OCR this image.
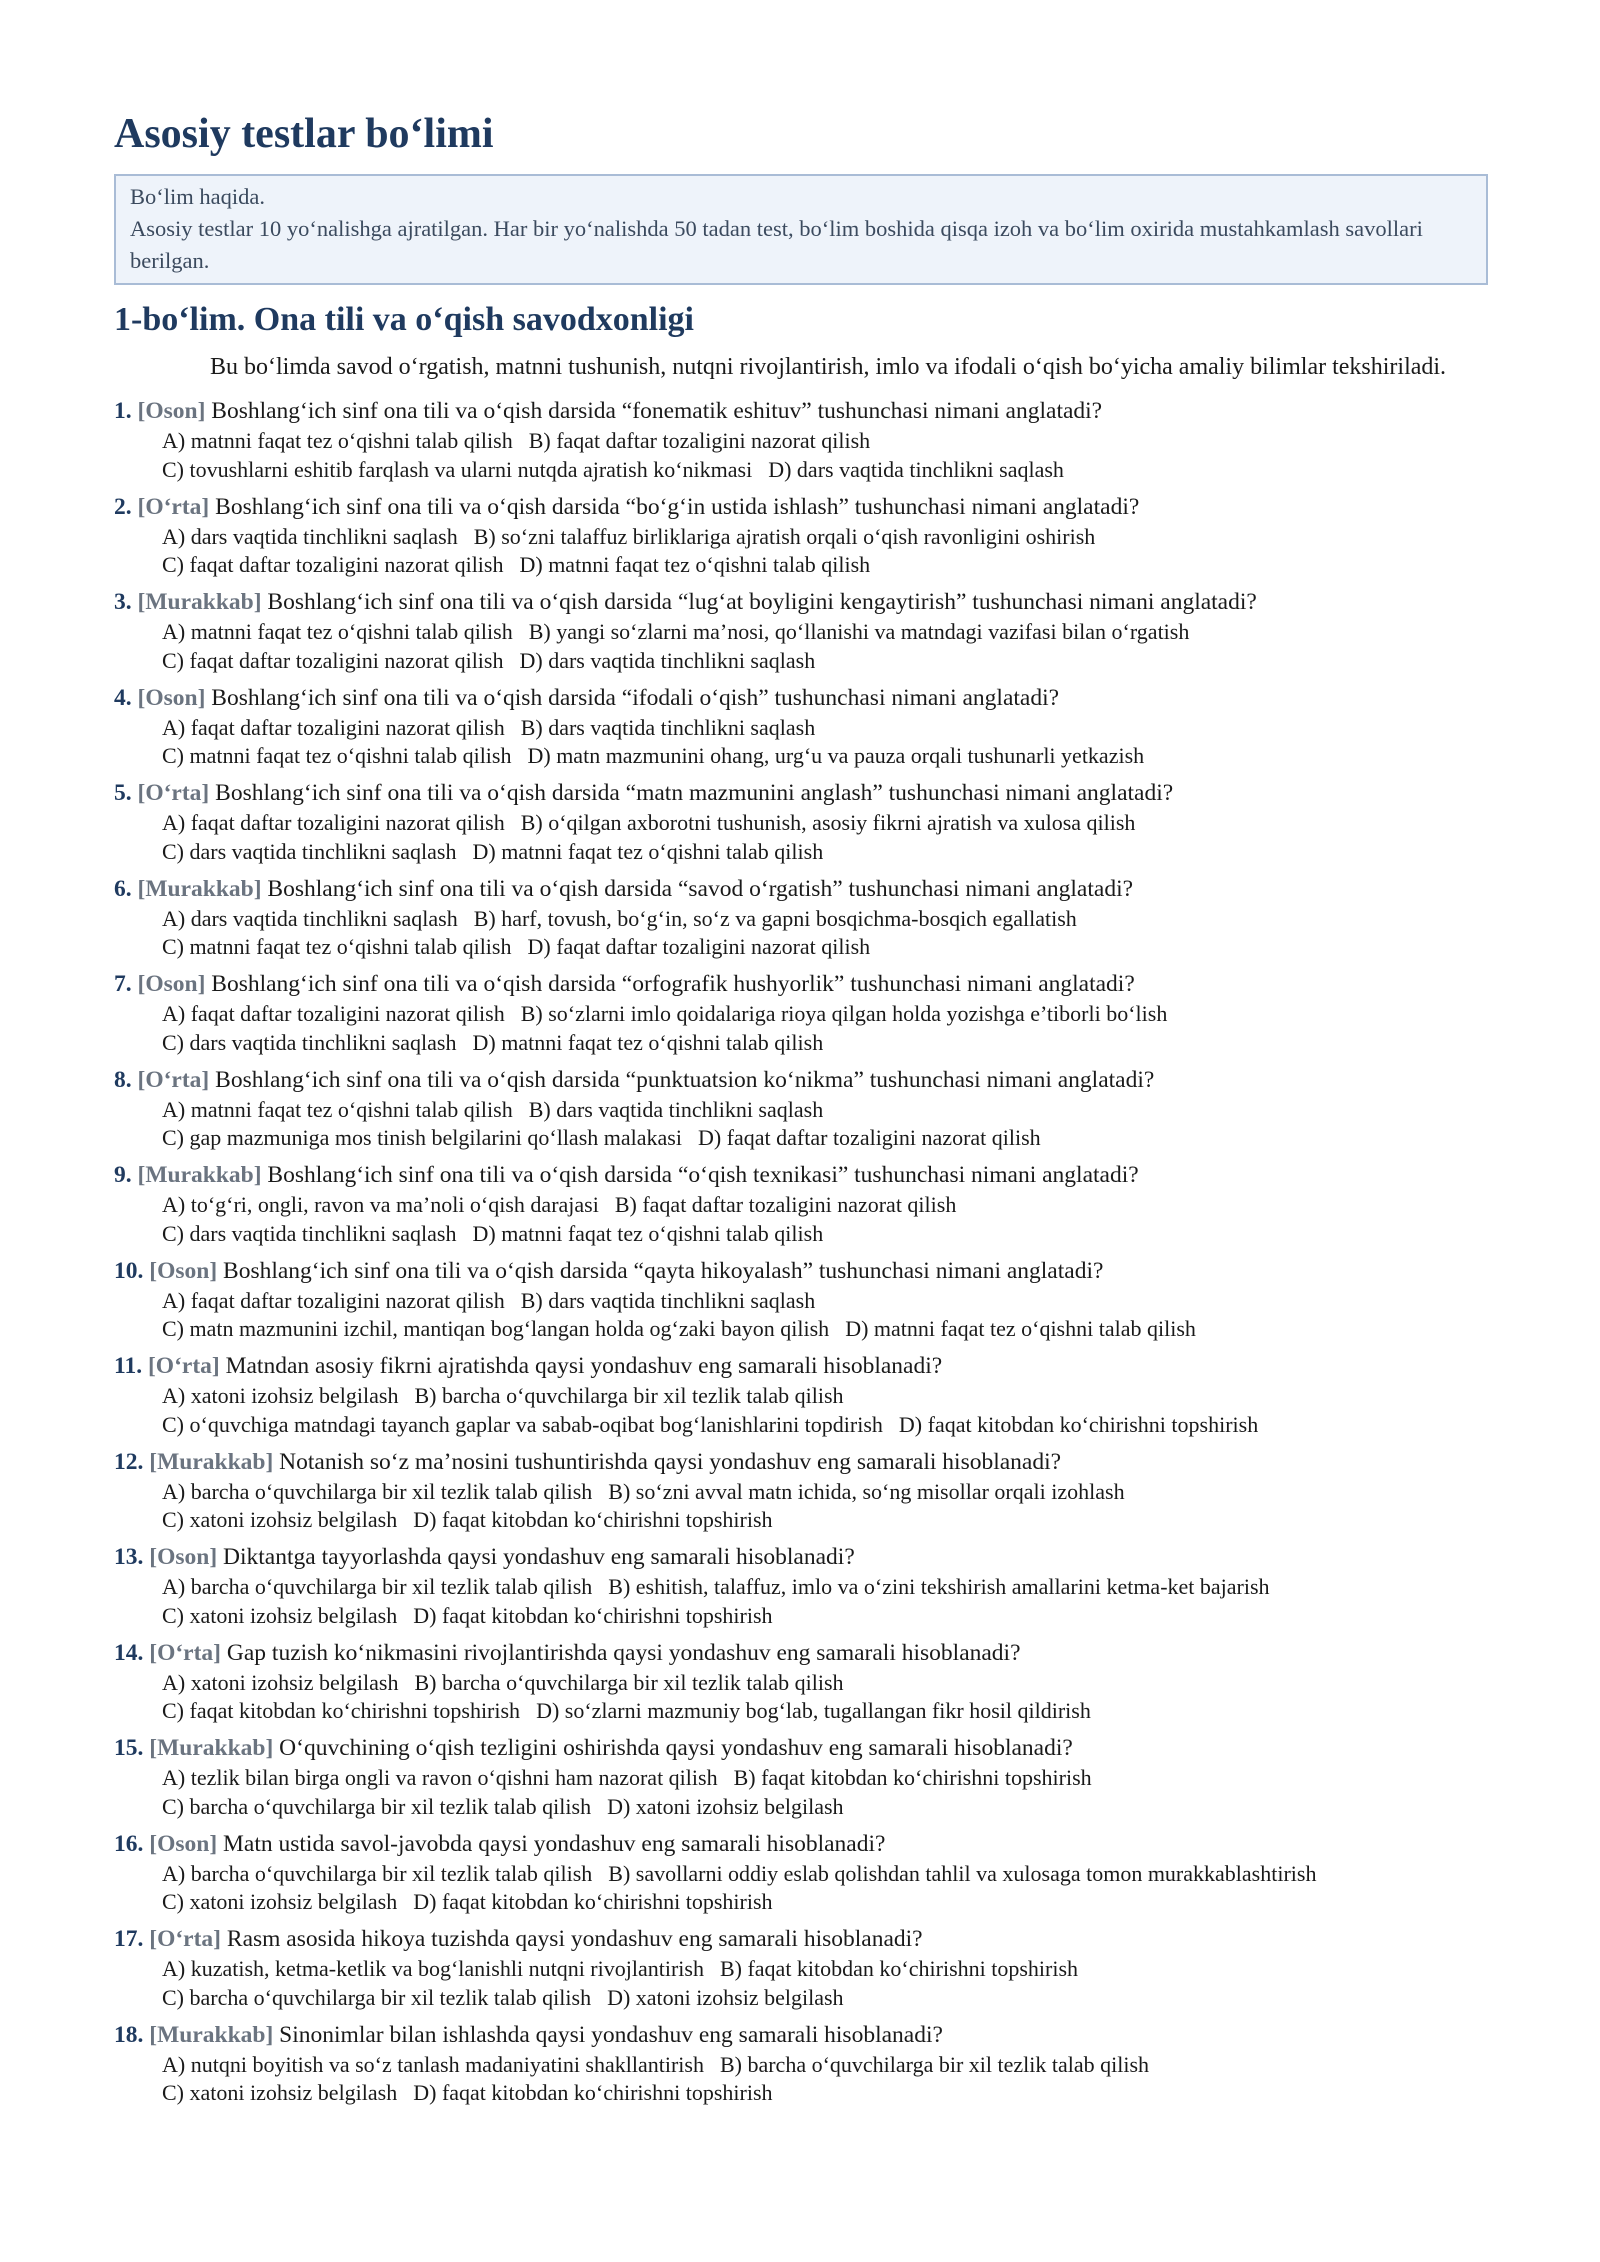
Asosiy testlar bo‘limi
Bo‘lim haqida.
Asosiy testlar 10 yo‘nalishga ajratilgan. Har bir yo‘nalishda 50 tadan test, bo‘lim boshida qisqa izoh va bo‘lim oxirida mustahkamlash savollari berilgan.
1-bo‘lim. Ona tili va o‘qish savodxonligi

Bu bo‘limda savod o‘rgatish, matnni tushunish, nutqni rivojlantirish, imlo va ifodali o‘qish bo‘yicha amaliy bilimlar tekshiriladi.

1. [Oson] Boshlang‘ich sinf ona tili va o‘qish darsida “fonematik eshituv” tushunchasi nimani anglatadi?
A) matnni faqat tez o‘qishni talab qilish B) faqat daftar tozaligini nazorat qilish
C) tovushlarni eshitib farqlash va ularni nutqda ajratish ko‘nikmasi D) dars vaqtida tinchlikni saqlash
2. [O‘rta] Boshlang‘ich sinf ona tili va o‘qish darsida “bo‘g‘in ustida ishlash” tushunchasi nimani anglatadi?
A) dars vaqtida tinchlikni saqlash B) so‘zni talaffuz birliklariga ajratish orqali o‘qish ravonligini oshirish
C) faqat daftar tozaligini nazorat qilish D) matnni faqat tez o‘qishni talab qilish
3. [Murakkab] Boshlang‘ich sinf ona tili va o‘qish darsida “lug‘at boyligini kengaytirish” tushunchasi nimani anglatadi?
A) matnni faqat tez o‘qishni talab qilish B) yangi so‘zlarni ma’nosi, qo‘llanishi va matndagi vazifasi bilan o‘rgatish
C) faqat daftar tozaligini nazorat qilish D) dars vaqtida tinchlikni saqlash
4. [Oson] Boshlang‘ich sinf ona tili va o‘qish darsida “ifodali o‘qish” tushunchasi nimani anglatadi?
A) faqat daftar tozaligini nazorat qilish B) dars vaqtida tinchlikni saqlash
C) matnni faqat tez o‘qishni talab qilish D) matn mazmunini ohang, urg‘u va pauza orqali tushunarli yetkazish
5. [O‘rta] Boshlang‘ich sinf ona tili va o‘qish darsida “matn mazmunini anglash” tushunchasi nimani anglatadi?
A) faqat daftar tozaligini nazorat qilish B) o‘qilgan axborotni tushunish, asosiy fikrni ajratish va xulosa qilish
C) dars vaqtida tinchlikni saqlash D) matnni faqat tez o‘qishni talab qilish
6. [Murakkab] Boshlang‘ich sinf ona tili va o‘qish darsida “savod o‘rgatish” tushunchasi nimani anglatadi?
A) dars vaqtida tinchlikni saqlash B) harf, tovush, bo‘g‘in, so‘z va gapni bosqichma-bosqich egallatish
C) matnni faqat tez o‘qishni talab qilish D) faqat daftar tozaligini nazorat qilish
7. [Oson] Boshlang‘ich sinf ona tili va o‘qish darsida “orfografik hushyorlik” tushunchasi nimani anglatadi?
A) faqat daftar tozaligini nazorat qilish B) so‘zlarni imlo qoidalariga rioya qilgan holda yozishga e’tiborli bo‘lish
C) dars vaqtida tinchlikni saqlash D) matnni faqat tez o‘qishni talab qilish
8. [O‘rta] Boshlang‘ich sinf ona tili va o‘qish darsida “punktuatsion ko‘nikma” tushunchasi nimani anglatadi?
A) matnni faqat tez o‘qishni talab qilish B) dars vaqtida tinchlikni saqlash
C) gap mazmuniga mos tinish belgilarini qo‘llash malakasi D) faqat daftar tozaligini nazorat qilish
9. [Murakkab] Boshlang‘ich sinf ona tili va o‘qish darsida “o‘qish texnikasi” tushunchasi nimani anglatadi?
A) to‘g‘ri, ongli, ravon va ma’noli o‘qish darajasi B) faqat daftar tozaligini nazorat qilish
C) dars vaqtida tinchlikni saqlash D) matnni faqat tez o‘qishni talab qilish
10. [Oson] Boshlang‘ich sinf ona tili va o‘qish darsida “qayta hikoyalash” tushunchasi nimani anglatadi?
A) faqat daftar tozaligini nazorat qilish B) dars vaqtida tinchlikni saqlash
C) matn mazmunini izchil, mantiqan bog‘langan holda og‘zaki bayon qilish D) matnni faqat tez o‘qishni talab qilish
11. [O‘rta] Matndan asosiy fikrni ajratishda qaysi yondashuv eng samarali hisoblanadi?
A) xatoni izohsiz belgilash B) barcha o‘quvchilarga bir xil tezlik talab qilish
C) o‘quvchiga matndagi tayanch gaplar va sabab-oqibat bog‘lanishlarini topdirish D) faqat kitobdan ko‘chirishni topshirish
12. [Murakkab] Notanish so‘z ma’nosini tushuntirishda qaysi yondashuv eng samarali hisoblanadi?
A) barcha o‘quvchilarga bir xil tezlik talab qilish B) so‘zni avval matn ichida, so‘ng misollar orqali izohlash
C) xatoni izohsiz belgilash D) faqat kitobdan ko‘chirishni topshirish
13. [Oson] Diktantga tayyorlashda qaysi yondashuv eng samarali hisoblanadi?
A) barcha o‘quvchilarga bir xil tezlik talab qilish B) eshitish, talaffuz, imlo va o‘zini tekshirish amallarini ketma-ket bajarish
C) xatoni izohsiz belgilash D) faqat kitobdan ko‘chirishni topshirish
14. [O‘rta] Gap tuzish ko‘nikmasini rivojlantirishda qaysi yondashuv eng samarali hisoblanadi?
A) xatoni izohsiz belgilash B) barcha o‘quvchilarga bir xil tezlik talab qilish
C) faqat kitobdan ko‘chirishni topshirish D) so‘zlarni mazmuniy bog‘lab, tugallangan fikr hosil qildirish
15. [Murakkab] O‘quvchining o‘qish tezligini oshirishda qaysi yondashuv eng samarali hisoblanadi?
A) tezlik bilan birga ongli va ravon o‘qishni ham nazorat qilish B) faqat kitobdan ko‘chirishni topshirish
C) barcha o‘quvchilarga bir xil tezlik talab qilish D) xatoni izohsiz belgilash
16. [Oson] Matn ustida savol-javobda qaysi yondashuv eng samarali hisoblanadi?
A) barcha o‘quvchilarga bir xil tezlik talab qilish B) savollarni oddiy eslab qolishdan tahlil va xulosaga tomon murakkablashtirish
C) xatoni izohsiz belgilash D) faqat kitobdan ko‘chirishni topshirish
17. [O‘rta] Rasm asosida hikoya tuzishda qaysi yondashuv eng samarali hisoblanadi?
A) kuzatish, ketma-ketlik va bog‘lanishli nutqni rivojlantirish B) faqat kitobdan ko‘chirishni topshirish
C) barcha o‘quvchilarga bir xil tezlik talab qilish D) xatoni izohsiz belgilash
18. [Murakkab] Sinonimlar bilan ishlashda qaysi yondashuv eng samarali hisoblanadi?
A) nutqni boyitish va so‘z tanlash madaniyatini shakllantirish B) barcha o‘quvchilarga bir xil tezlik talab qilish
C) xatoni izohsiz belgilash D) faqat kitobdan ko‘chirishni topshirish
